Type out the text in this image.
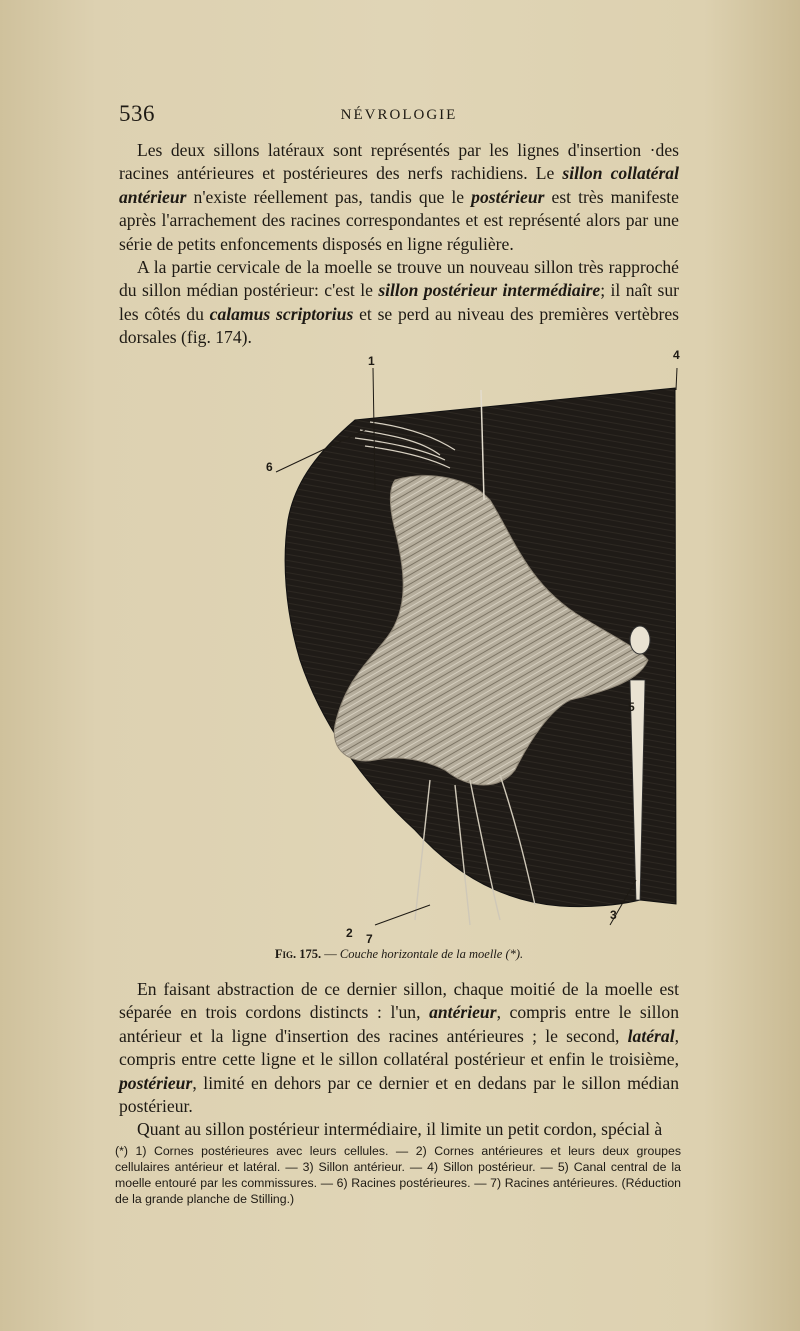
536	NÉVROLOGIE

Les deux sillons latéraux sont représentés par les lignes d'insertion ·des racines antérieures et postérieures des nerfs rachidiens. Le sillon collatéral antérieur n'existe réellement pas, tandis que le postérieur est très manifeste après l'arrachement des racines correspondantes et est représenté alors par une série de petits enfoncements disposés en ligne régulière.

A la partie cervicale de la moelle se trouve un nouveau sillon très rapproché du sillon médian postérieur: c'est le sillon postérieur intermédiaire; il naît sur les côtés du calamus scriptorius et se perd au niveau des premières vertèbres dorsales (fig. 174).

1	4
6
5
2 7
3
Fig. 175. — Couche horizontale de la moelle (*).

En faisant abstraction de ce dernier sillon, chaque moitié de la moelle est séparée en trois cordons distincts : l'un, antérieur, compris entre le sillon antérieur et la ligne d'insertion des racines antérieures ; le second, latéral, compris entre cette ligne et le sillon collatéral postérieur et enfin le troisième, postérieur, limité en dehors par ce dernier et en dedans par le sillon médian postérieur.

Quant au sillon postérieur intermédiaire, il limite un petit cordon, spécial à

(*) 1) Cornes postérieures avec leurs cellules. — 2) Cornes antérieures et leurs deux groupes cellulaires antérieur et latéral. — 3) Sillon antérieur. — 4) Sillon postérieur. — 5) Canal central de la moelle entouré par les commissures. — 6) Racines postérieures. — 7) Racines antérieures. (Réduction de la grande planche de Stilling.)
